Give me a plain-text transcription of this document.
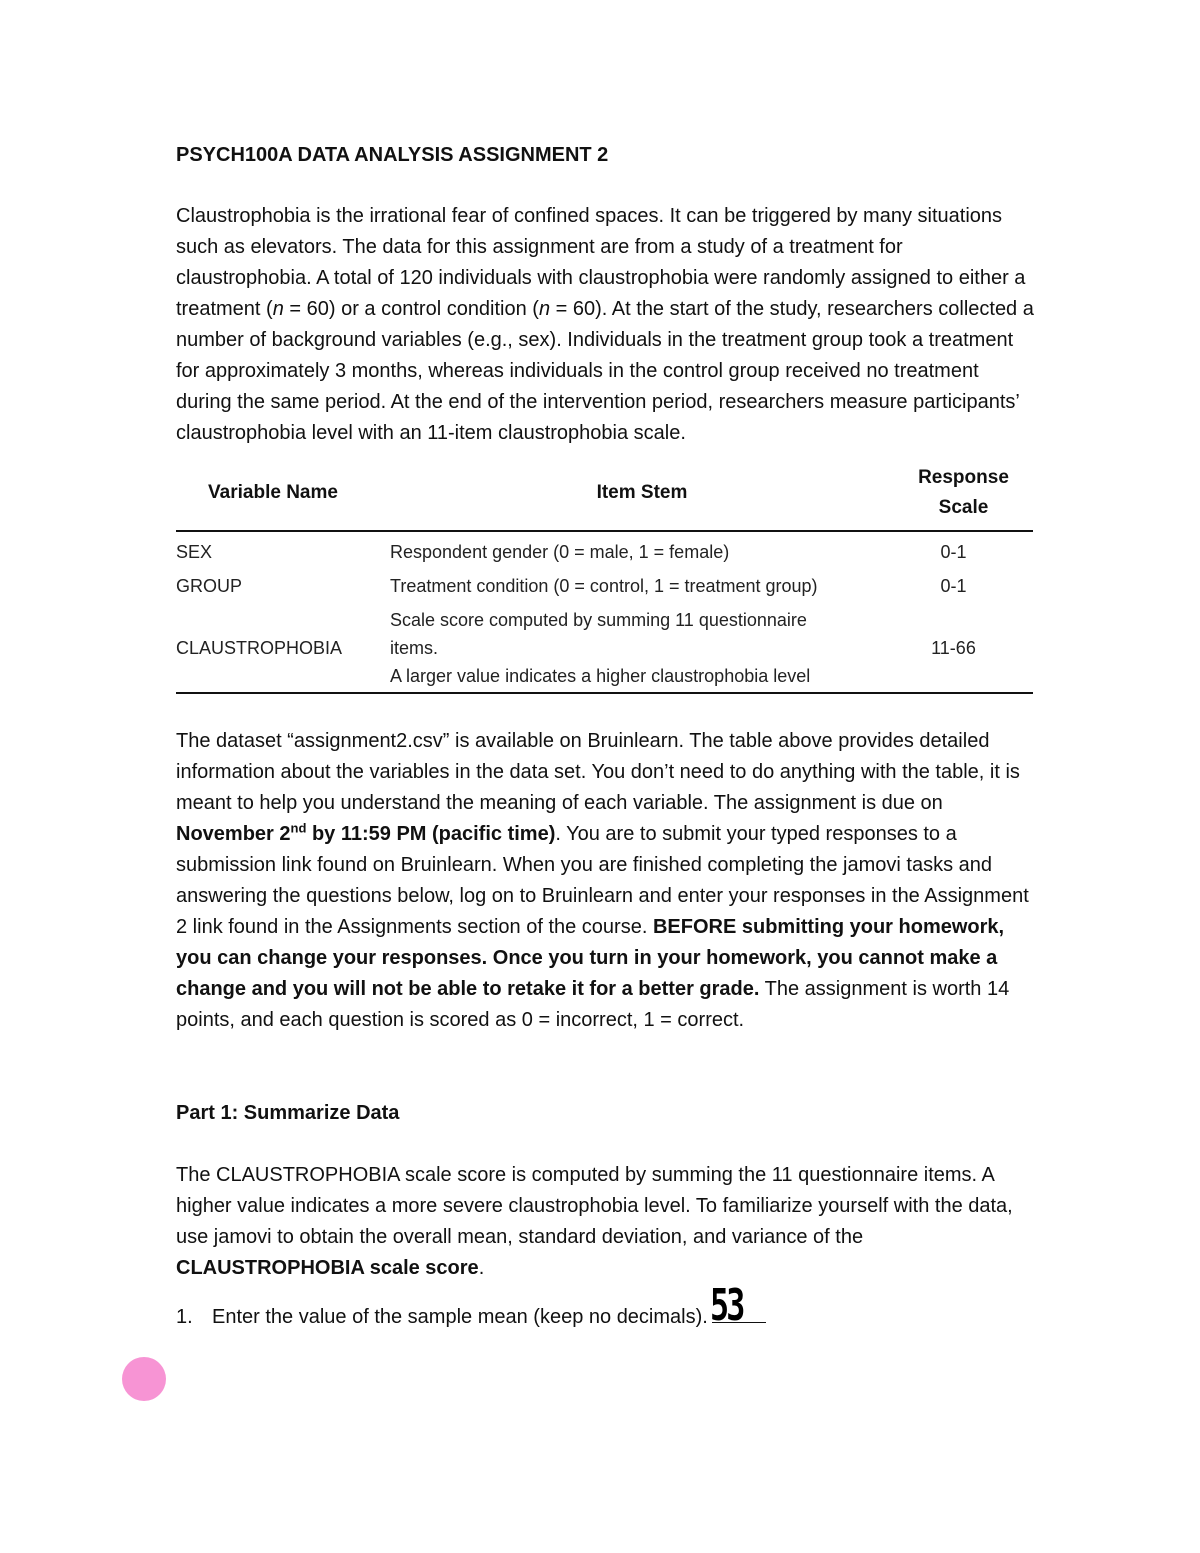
PSYCH100A DATA ANALYSIS ASSIGNMENT 2

Claustrophobia is the irrational fear of confined spaces. It can be triggered by many situations such as elevators. The data for this assignment are from a study of a treatment for claustrophobia. A total of 120 individuals with claustrophobia were randomly assigned to either a treatment (n = 60) or a control condition (n = 60). At the start of the study, researchers collected a number of background variables (e.g., sex). Individuals in the treatment group took a treatment for approximately 3 months, whereas individuals in the control group received no treatment during the same period. At the end of the intervention period, researchers measure participants’ claustrophobia level with an 11-item claustrophobia scale.

Variable Name	Item Stem	Response
Scale

SEX	Respondent gender (0 = male, 1 = female)	0-1
GROUP	Treatment condition (0 = control, 1 = treatment group)	0-1
CLAUSTROPHOBIA	Scale score computed by summing 11 questionnaire
items.
A larger value indicates a higher claustrophobia level	11-66

The dataset “assignment2.csv” is available on Bruinlearn. The table above provides detailed information about the variables in the data set. You don’t need to do anything with the table, it is meant to help you understand the meaning of each variable. The assignment is due on November 2nd by 11:59 PM (pacific time). You are to submit your typed responses to a submission link found on Bruinlearn. When you are finished completing the jamovi tasks and answering the questions below, log on to Bruinlearn and enter your responses in the Assignment 2 link found in the Assignments section of the course. BEFORE submitting your homework, you can change your responses. Once you turn in your homework, you cannot make a change and you will not be able to retake it for a better grade. The assignment is worth 14 points, and each question is scored as 0 = incorrect, 1 = correct.

Part 1: Summarize Data

The CLAUSTROPHOBIA scale score is computed by summing the 11 questionnaire items. A higher value indicates a more severe claustrophobia level. To familiarize yourself with the data, use jamovi to obtain the overall mean, standard deviation, and variance of the CLAUSTROPHOBIA scale score.

1. Enter the value of the sample mean (keep no decimals). 53
